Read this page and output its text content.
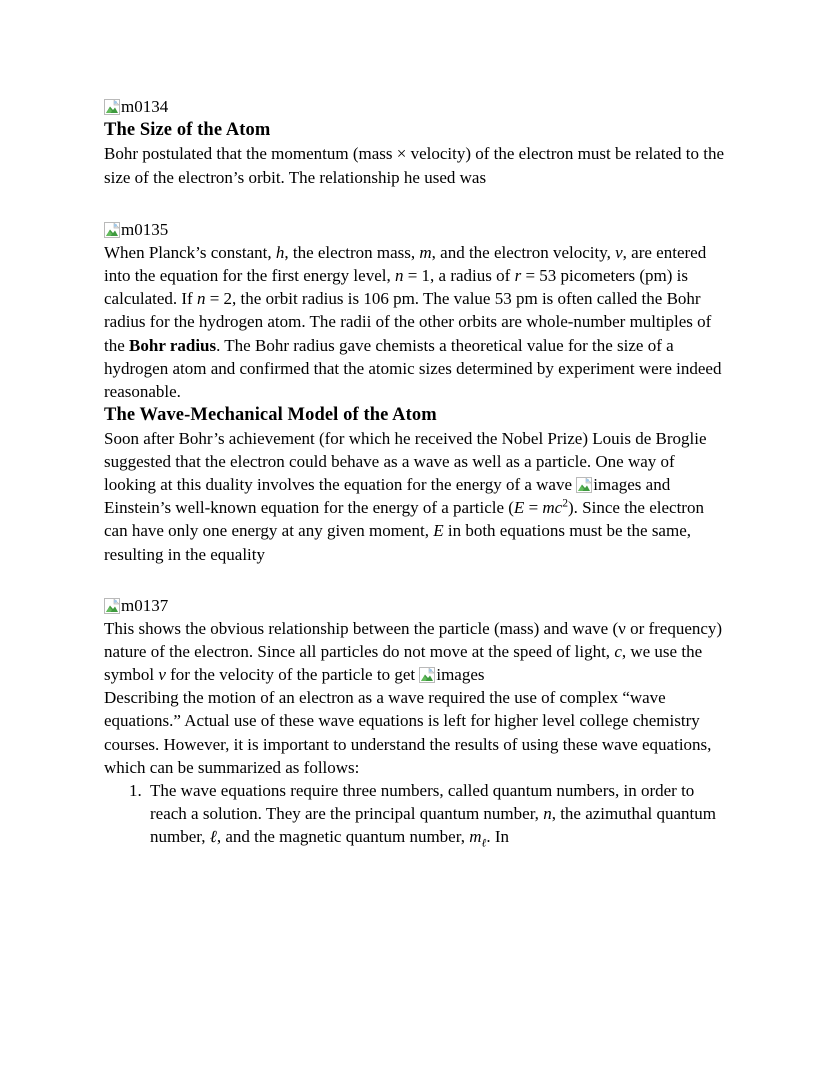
m0134
The Size of the Atom

Bohr postulated that the momentum (mass × velocity) of the electron must be related to the size of the electron’s orbit. The relationship he used was

m0135

When Planck’s constant, h, the electron mass, m, and the electron velocity, v, are entered into the equation for the first energy level, n = 1, a radius of r = 53 picometers (pm) is calculated. If n = 2, the orbit radius is 106 pm. The value 53 pm is often called the Bohr radius for the hydrogen atom. The radii of the other orbits are whole-number multiples of the Bohr radius. The Bohr radius gave chemists a theoretical value for the size of a hydrogen atom and confirmed that the atomic sizes determined by experiment were indeed reasonable.

The Wave-Mechanical Model of the Atom

Soon after Bohr’s achievement (for which he received the Nobel Prize) Louis de Broglie suggested that the electron could behave as a wave as well as a particle. One way of looking at this duality involves the equation for the energy of a wave
images and Einstein’s well-known equation for the energy of a particle $(E = mc^2)$. Since the electron can have only one energy at any given moment, E in both equations must be the same, resulting in the equality

m0137

This shows the obvious relationship between the particle (mass) and wave (ν or frequency) nature of the electron. Since all particles do not move at the speed of light, c, we use the symbol v for the velocity of the particle to get
images

Describing the motion of an electron as a wave required the use of complex “wave equations.” Actual use of these wave equations is left for higher level college chemistry courses. However, it is important to understand the results of using these wave equations, which can be summarized as follows:

1. The wave equations require three numbers, called quantum numbers, in order to reach a solution. They are the principal quantum number, n, the azimuthal quantum number, ℓ, and the magnetic quantum number, $m_\ell$. In
